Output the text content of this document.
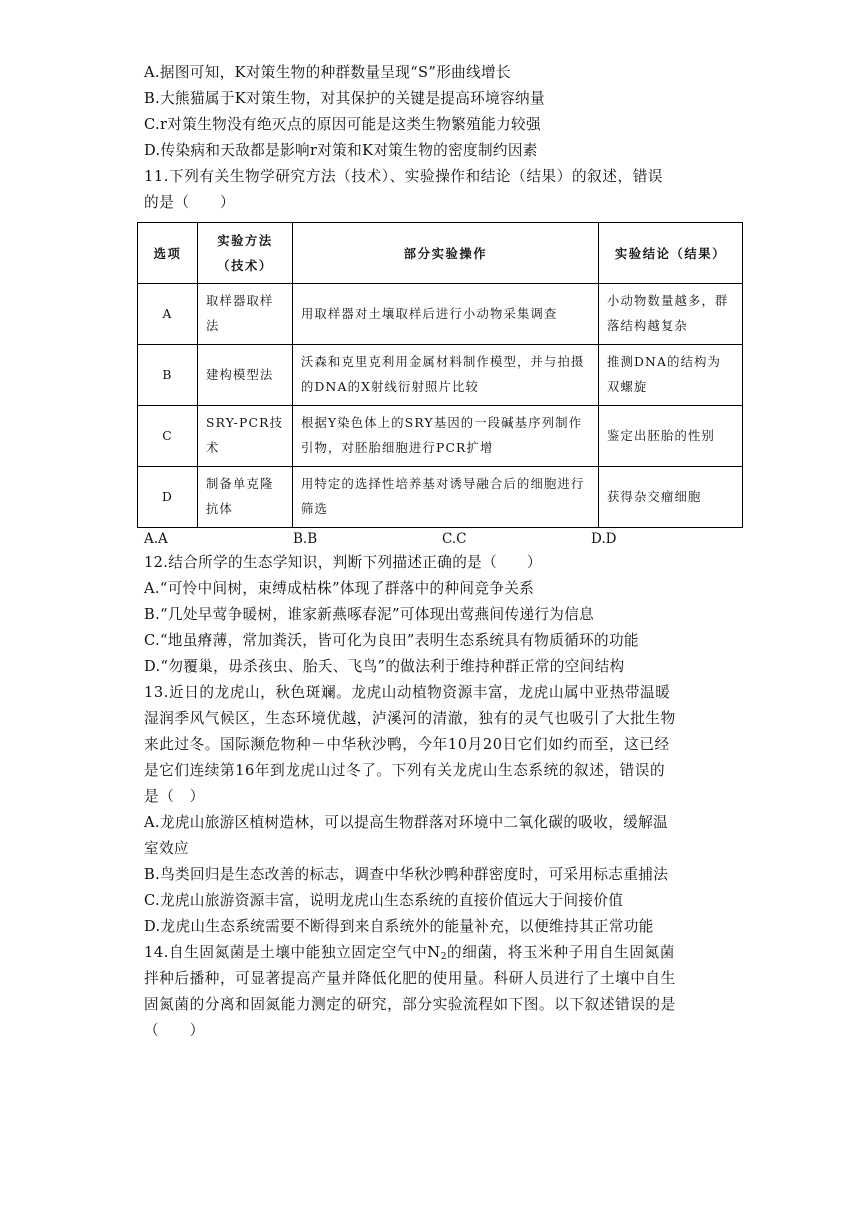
A.据图可知，K对策生物的种群数量呈现“S”形曲线增长
B.大熊猫属于K对策生物，对其保护的关键是提高环境容纳量
C.r对策生物没有绝灭点的原因可能是这类生物繁殖能力较强
D.传染病和天敌都是影响r对策和K对策生物的密度制约因素
11.下列有关生物学研究方法（技术）、实验操作和结论（结果）的叙述，错误
的是（　　）
选项	实验方法（技术）	部分实验操作	实验结论（结果）
A	取样器取样法	用取样器对土壤取样后进行小动物采集调查	小动物数量越多，群落结构越复杂
B	建构模型法	沃森和克里克利用金属材料制作模型，并与拍摄的DNA的X射线衍射照片比较	推测DNA的结构为双螺旋
C	SRY-PCR技术	根据Y染色体上的SRY基因的一段碱基序列制作引物，对胚胎细胞进行PCR扩增	鉴定出胚胎的性别
D	制备单克隆抗体	用特定的选择性培养基对诱导融合后的细胞进行筛选	获得杂交瘤细胞
A.A	B.B	C.C	D.D
12.结合所学的生态学知识，判断下列描述正确的是（　　）
A.“可怜中间树，束缚成枯株”体现了群落中的种间竞争关系
B.“几处早莺争暖树，谁家新燕啄春泥”可体现出莺燕间传递行为信息
C.“地虽瘠薄，常加粪沃，皆可化为良田”表明生态系统具有物质循环的功能
D.“勿覆巢，毋杀孩虫、胎夭、飞鸟”的做法利于维持种群正常的空间结构
13.近日的龙虎山，秋色斑斓。龙虎山动植物资源丰富，龙虎山属中亚热带温暖
湿润季风气候区，生态环境优越，泸溪河的清澈，独有的灵气也吸引了大批生物
来此过冬。国际濒危物种－中华秋沙鸭，今年10月20日它们如约而至，这已经
是它们连续第16年到龙虎山过冬了。下列有关龙虎山生态系统的叙述，错误的
是（　）
A.龙虎山旅游区植树造林，可以提高生物群落对环境中二氧化碳的吸收，缓解温
室效应
B.鸟类回归是生态改善的标志，调查中华秋沙鸭种群密度时，可采用标志重捕法
C.龙虎山旅游资源丰富，说明龙虎山生态系统的直接价值远大于间接价值
D.龙虎山生态系统需要不断得到来自系统外的能量补充，以便维持其正常功能
14.自生固氮菌是土壤中能独立固定空气中$N_2$的细菌，将玉米种子用自生固氮菌
拌种后播种，可显著提高产量并降低化肥的使用量。科研人员进行了土壤中自生
固氮菌的分离和固氮能力测定的研究，部分实验流程如下图。以下叙述错误的是
（　　）
